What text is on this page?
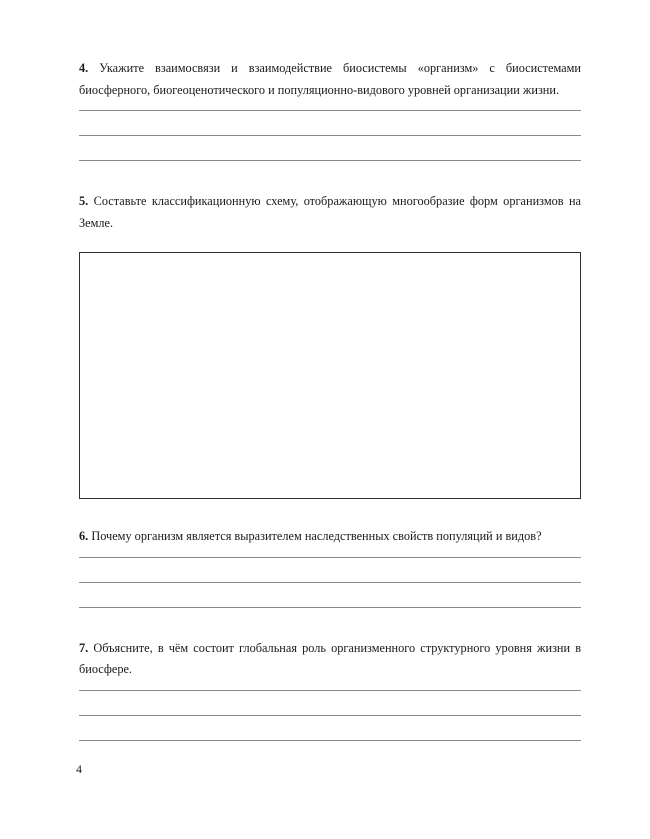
4. Укажите взаимосвязи и взаимодействие биосистемы «организм» с биосистемами биосферного, биогеоценотического и популяционно-видового уровней организации жизни.
5. Составьте классификационную схему, отображающую многообразие форм организмов на Земле.
6. Почему организм является выразителем наследственных свойств популяций и видов?
7. Объясните, в чём состоит глобальная роль организменного структурного уровня жизни в биосфере.
4
